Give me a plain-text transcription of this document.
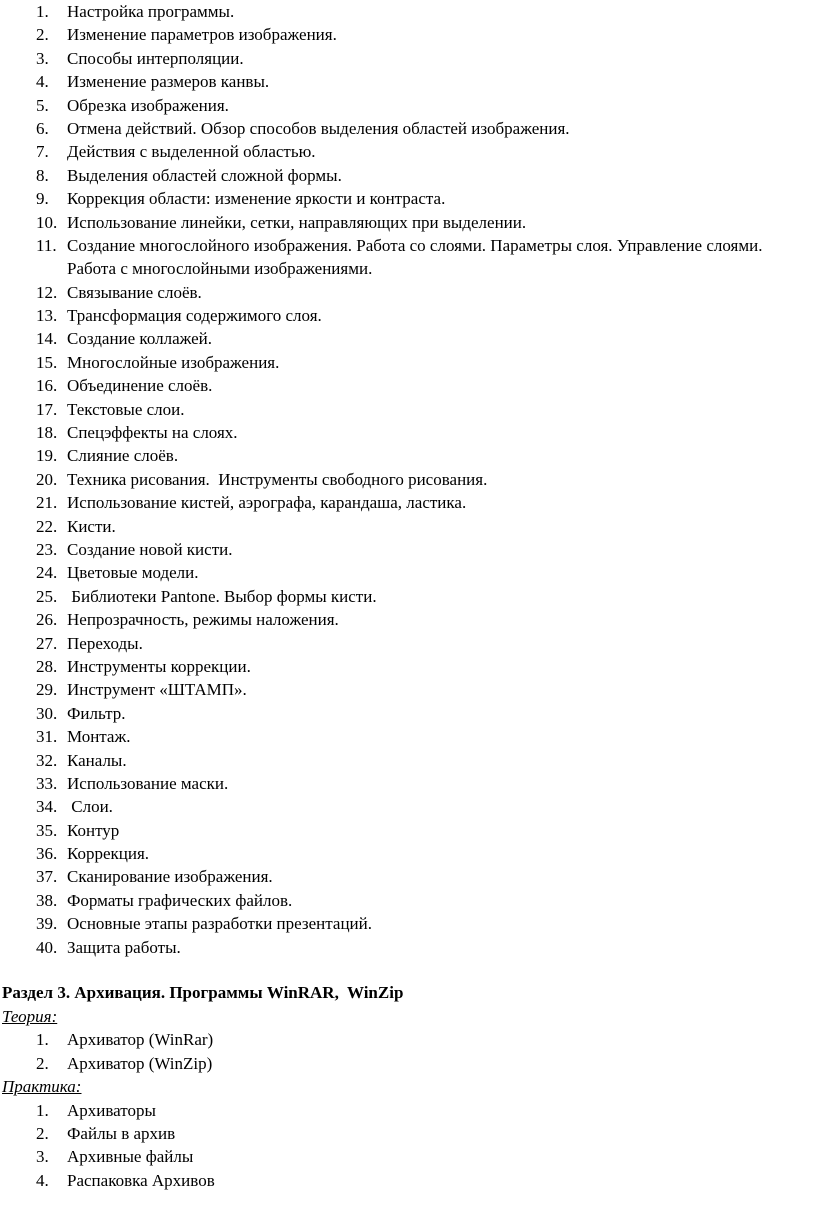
1. Настройка программы.
2. Изменение параметров изображения.
3. Способы интерполяции.
4. Изменение размеров канвы.
5. Обрезка изображения.
6. Отмена действий. Обзор способов выделения областей изображения.
7. Действия с выделенной областью.
8. Выделения областей сложной формы.
9. Коррекция области: изменение яркости и контраста.
10. Использование линейки, сетки, направляющих при выделении.
11. Создание многослойного изображения. Работа со слоями. Параметры слоя. Управление слоями. Работа с многослойными изображениями.
12. Связывание слоёв.
13. Трансформация содержимого слоя.
14. Создание коллажей.
15. Многослойные изображения.
16. Объединение слоёв.
17. Текстовые слои.
18. Спецэффекты на слоях.
19. Слияние слоёв.
20. Техника рисования.  Инструменты свободного рисования.
21. Использование кистей, аэрографа, карандаша, ластика.
22. Кисти.
23. Создание новой кисти.
24. Цветовые модели.
25. Библиотеки Pantone. Выбор формы кисти.
26. Непрозрачность, режимы наложения.
27. Переходы.
28. Инструменты коррекции.
29. Инструмент «ШТАМП».
30. Фильтр.
31. Монтаж.
32. Каналы.
33. Использование маски.
34. Слои.
35. Контур
36. Коррекция.
37. Сканирование изображения.
38. Форматы графических файлов.
39. Основные этапы разработки презентаций.
40. Защита работы.
Раздел 3. Архивация. Программы WinRAR,  WinZip
Теория:
1. Архиватор (WinRar)
2. Архиватор (WinZip)
Практика:
1. Архиваторы
2. Файлы в архив
3. Архивные файлы
4. Распаковка Архивов
